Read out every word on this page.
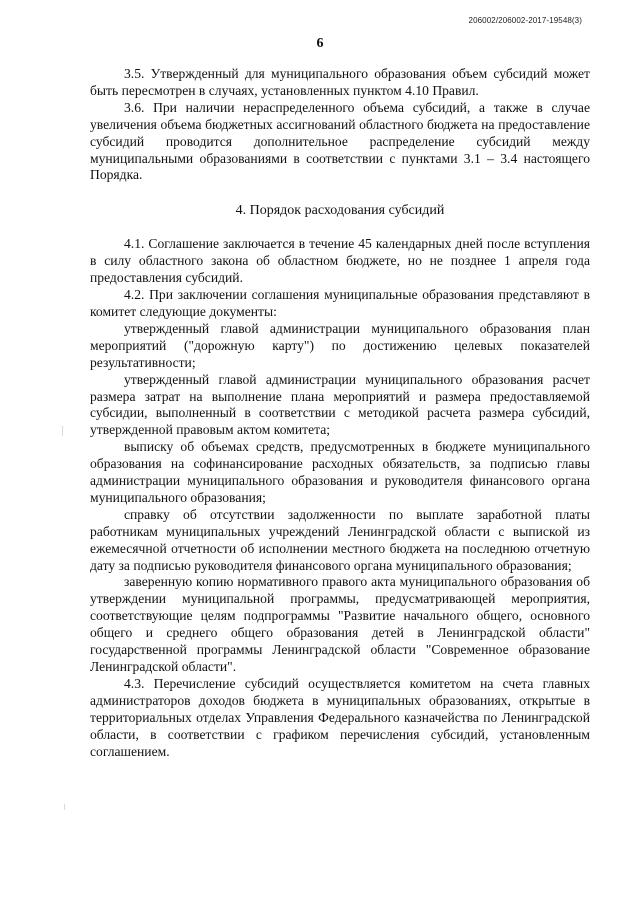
206002/206002-2017-19548(3)
6

3.5. Утвержденный для муниципального образования объем субсидий может быть пересмотрен в случаях, установленных пунктом 4.10 Правил.

3.6. При наличии нераспределенного объема субсидий, а также в случае увеличения объема бюджетных ассигнований областного бюджета на предоставление субсидий проводится дополнительное распределение субсидий между муниципальными образованиями в соответствии с пунктами 3.1 – 3.4 настоящего Порядка.

4. Порядок расходования субсидий

4.1. Соглашение заключается в течение 45 календарных дней после вступления в силу областного закона об областном бюджете, но не позднее 1 апреля года предоставления субсидий.

4.2. При заключении соглашения муниципальные образования представляют в комитет следующие документы:

утвержденный главой администрации муниципального образования план мероприятий ("дорожную карту") по достижению целевых показателей результативности;

утвержденный главой администрации муниципального образования расчет размера затрат на выполнение плана мероприятий и размера предоставляемой субсидии, выполненный в соответствии с методикой расчета размера субсидий, утвержденной правовым актом комитета;

выписку об объемах средств, предусмотренных в бюджете муниципального образования на софинансирование расходных обязательств, за подписью главы администрации муниципального образования и руководителя финансового органа муниципального образования;

справку об отсутствии задолженности по выплате заработной платы работникам муниципальных учреждений Ленинградской области с выпиской из ежемесячной отчетности об исполнении местного бюджета на последнюю отчетную дату за подписью руководителя финансового органа муниципального образования;

заверенную копию нормативного правого акта муниципального образования об утверждении муниципальной программы, предусматривающей мероприятия, соответствующие целям подпрограммы "Развитие начального общего, основного общего и среднего общего образования детей в Ленинградской области" государственной программы Ленинградской области "Современное образование Ленинградской области".

4.3. Перечисление субсидий осуществляется комитетом на счета главных администраторов доходов бюджета в муниципальных образованиях, открытые в территориальных отделах Управления Федерального казначейства по Ленинградской области, в соответствии с графиком перечисления субсидий, установленным соглашением.
